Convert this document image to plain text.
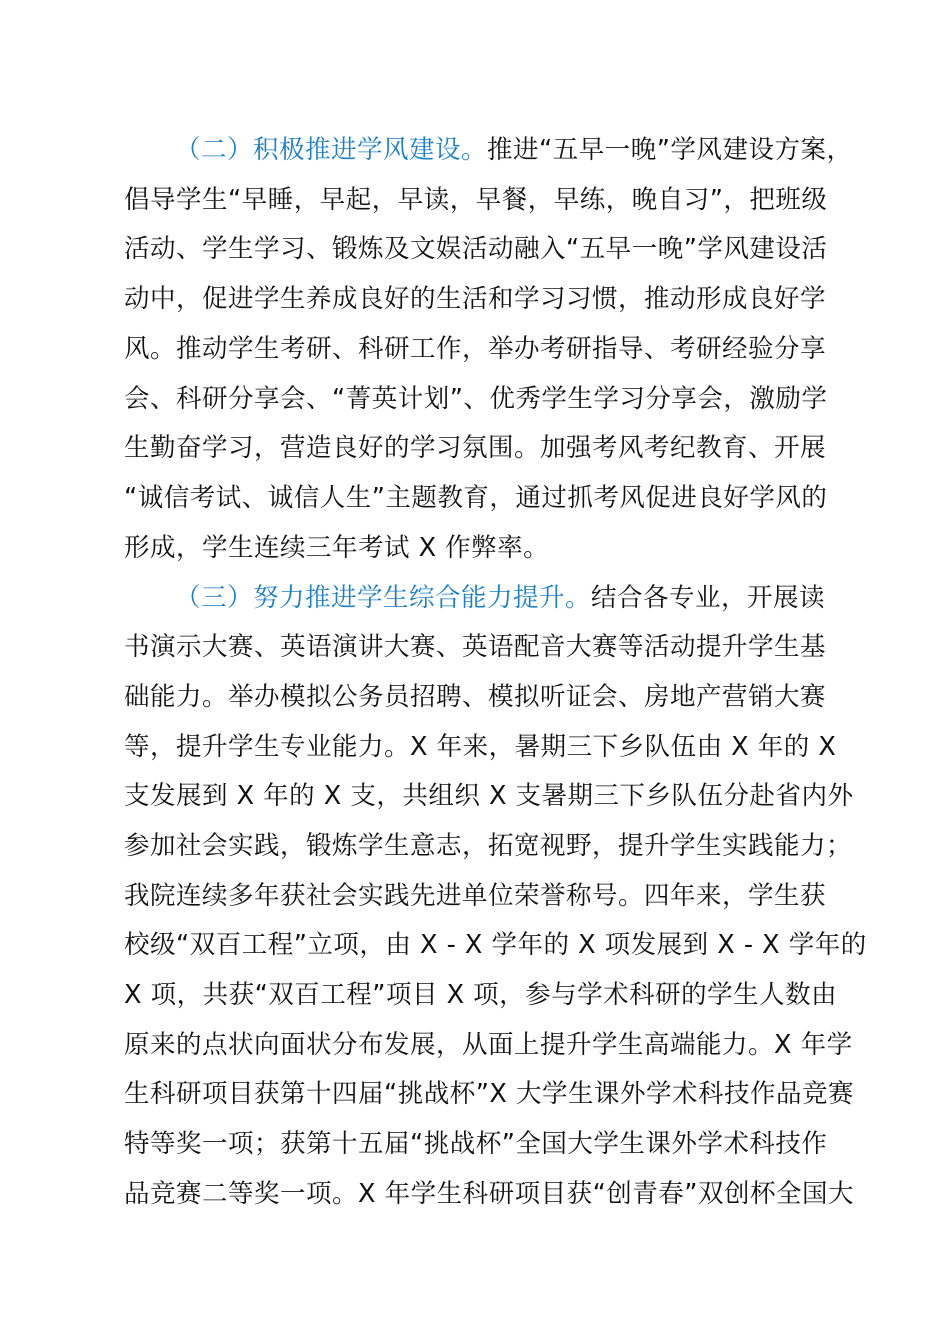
（二）积极推进学风建设。推进“五早一晚”学风建设方案，
倡导学生“早睡，早起，早读，早餐，早练，晚自习”，把班级
活动、学生学习、锻炼及文娱活动融入“五早一晚”学风建设活
动中，促进学生养成良好的生活和学习习惯，推动形成良好学
风。推动学生考研、科研工作，举办考研指导、考研经验分享
会、科研分享会、“菁英计划”、优秀学生学习分享会，激励学
生勤奋学习，营造良好的学习氛围。加强考风考纪教育、开展
“诚信考试、诚信人生”主题教育，通过抓考风促进良好学风的
形成，学生连续三年考试 X 作弊率。
（三）努力推进学生综合能力提升。结合各专业，开展读
书演示大赛、英语演讲大赛、英语配音大赛等活动提升学生基
础能力。举办模拟公务员招聘、模拟听证会、房地产营销大赛
等，提升学生专业能力。X 年来，暑期三下乡队伍由 X 年的 X
支发展到 X 年的 X 支，共组织 X 支暑期三下乡队伍分赴省内外
参加社会实践，锻炼学生意志，拓宽视野，提升学生实践能力；
我院连续多年获社会实践先进单位荣誉称号。四年来，学生获
校级“双百工程”立项，由 X - X 学年的 X 项发展到 X - X 学年的
X 项，共获“双百工程”项目 X 项，参与学术科研的学生人数由
原来的点状向面状分布发展，从面上提升学生高端能力。X 年学
生科研项目获第十四届“挑战杯”X 大学生课外学术科技作品竞赛
特等奖一项；获第十五届“挑战杯”全国大学生课外学术科技作
品竞赛二等奖一项。X 年学生科研项目获“创青春”双创杯全国大
